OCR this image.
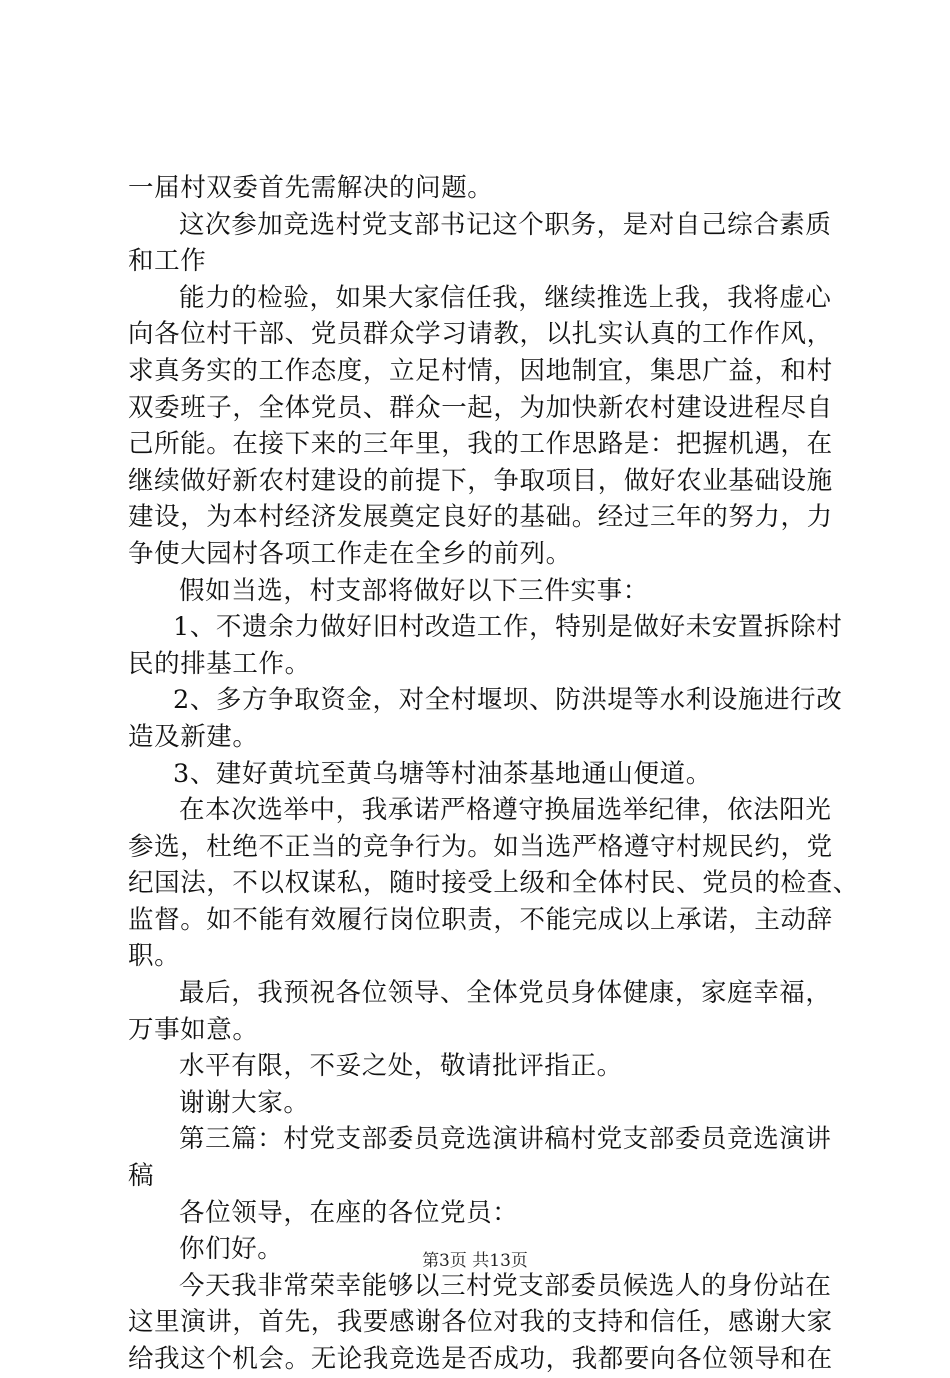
一届村双委首先需解决的问题。
这次参加竞选村党支部书记这个职务，是对自己综合素质
和工作
能力的检验，如果大家信任我，继续推选上我，我将虚心
向各位村干部、党员群众学习请教，以扎实认真的工作作风，
求真务实的工作态度，立足村情，因地制宜，集思广益，和村
双委班子，全体党员、群众一起，为加快新农村建设进程尽自
己所能。在接下来的三年里，我的工作思路是：把握机遇，在
继续做好新农村建设的前提下，争取项目，做好农业基础设施
建设，为本村经济发展奠定良好的基础。经过三年的努力，力
争使大园村各项工作走在全乡的前列。
假如当选，村支部将做好以下三件实事：
1、不遗余力做好旧村改造工作，特别是做好未安置拆除村
民的排基工作。
2、多方争取资金，对全村堰坝、防洪堤等水利设施进行改
造及新建。
3、建好黄坑至黄乌塘等村油茶基地通山便道。
在本次选举中，我承诺严格遵守换届选举纪律，依法阳光
参选，杜绝不正当的竞争行为。如当选严格遵守村规民约，党
纪国法，不以权谋私，随时接受上级和全体村民、党员的检查、
监督。如不能有效履行岗位职责，不能完成以上承诺，主动辞
职。
最后，我预祝各位领导、全体党员身体健康，家庭幸福，
万事如意。
水平有限，不妥之处，敬请批评指正。
谢谢大家。
第三篇：村党支部委员竞选演讲稿村党支部委员竞选演讲
稿
各位领导，在座的各位党员：
你们好。
今天我非常荣幸能够以三村党支部委员候选人的身份站在
这里演讲，首先，我要感谢各位对我的支持和信任，感谢大家
给我这个机会。无论我竞选是否成功，我都要向各位领导和在
第3页 共13页
